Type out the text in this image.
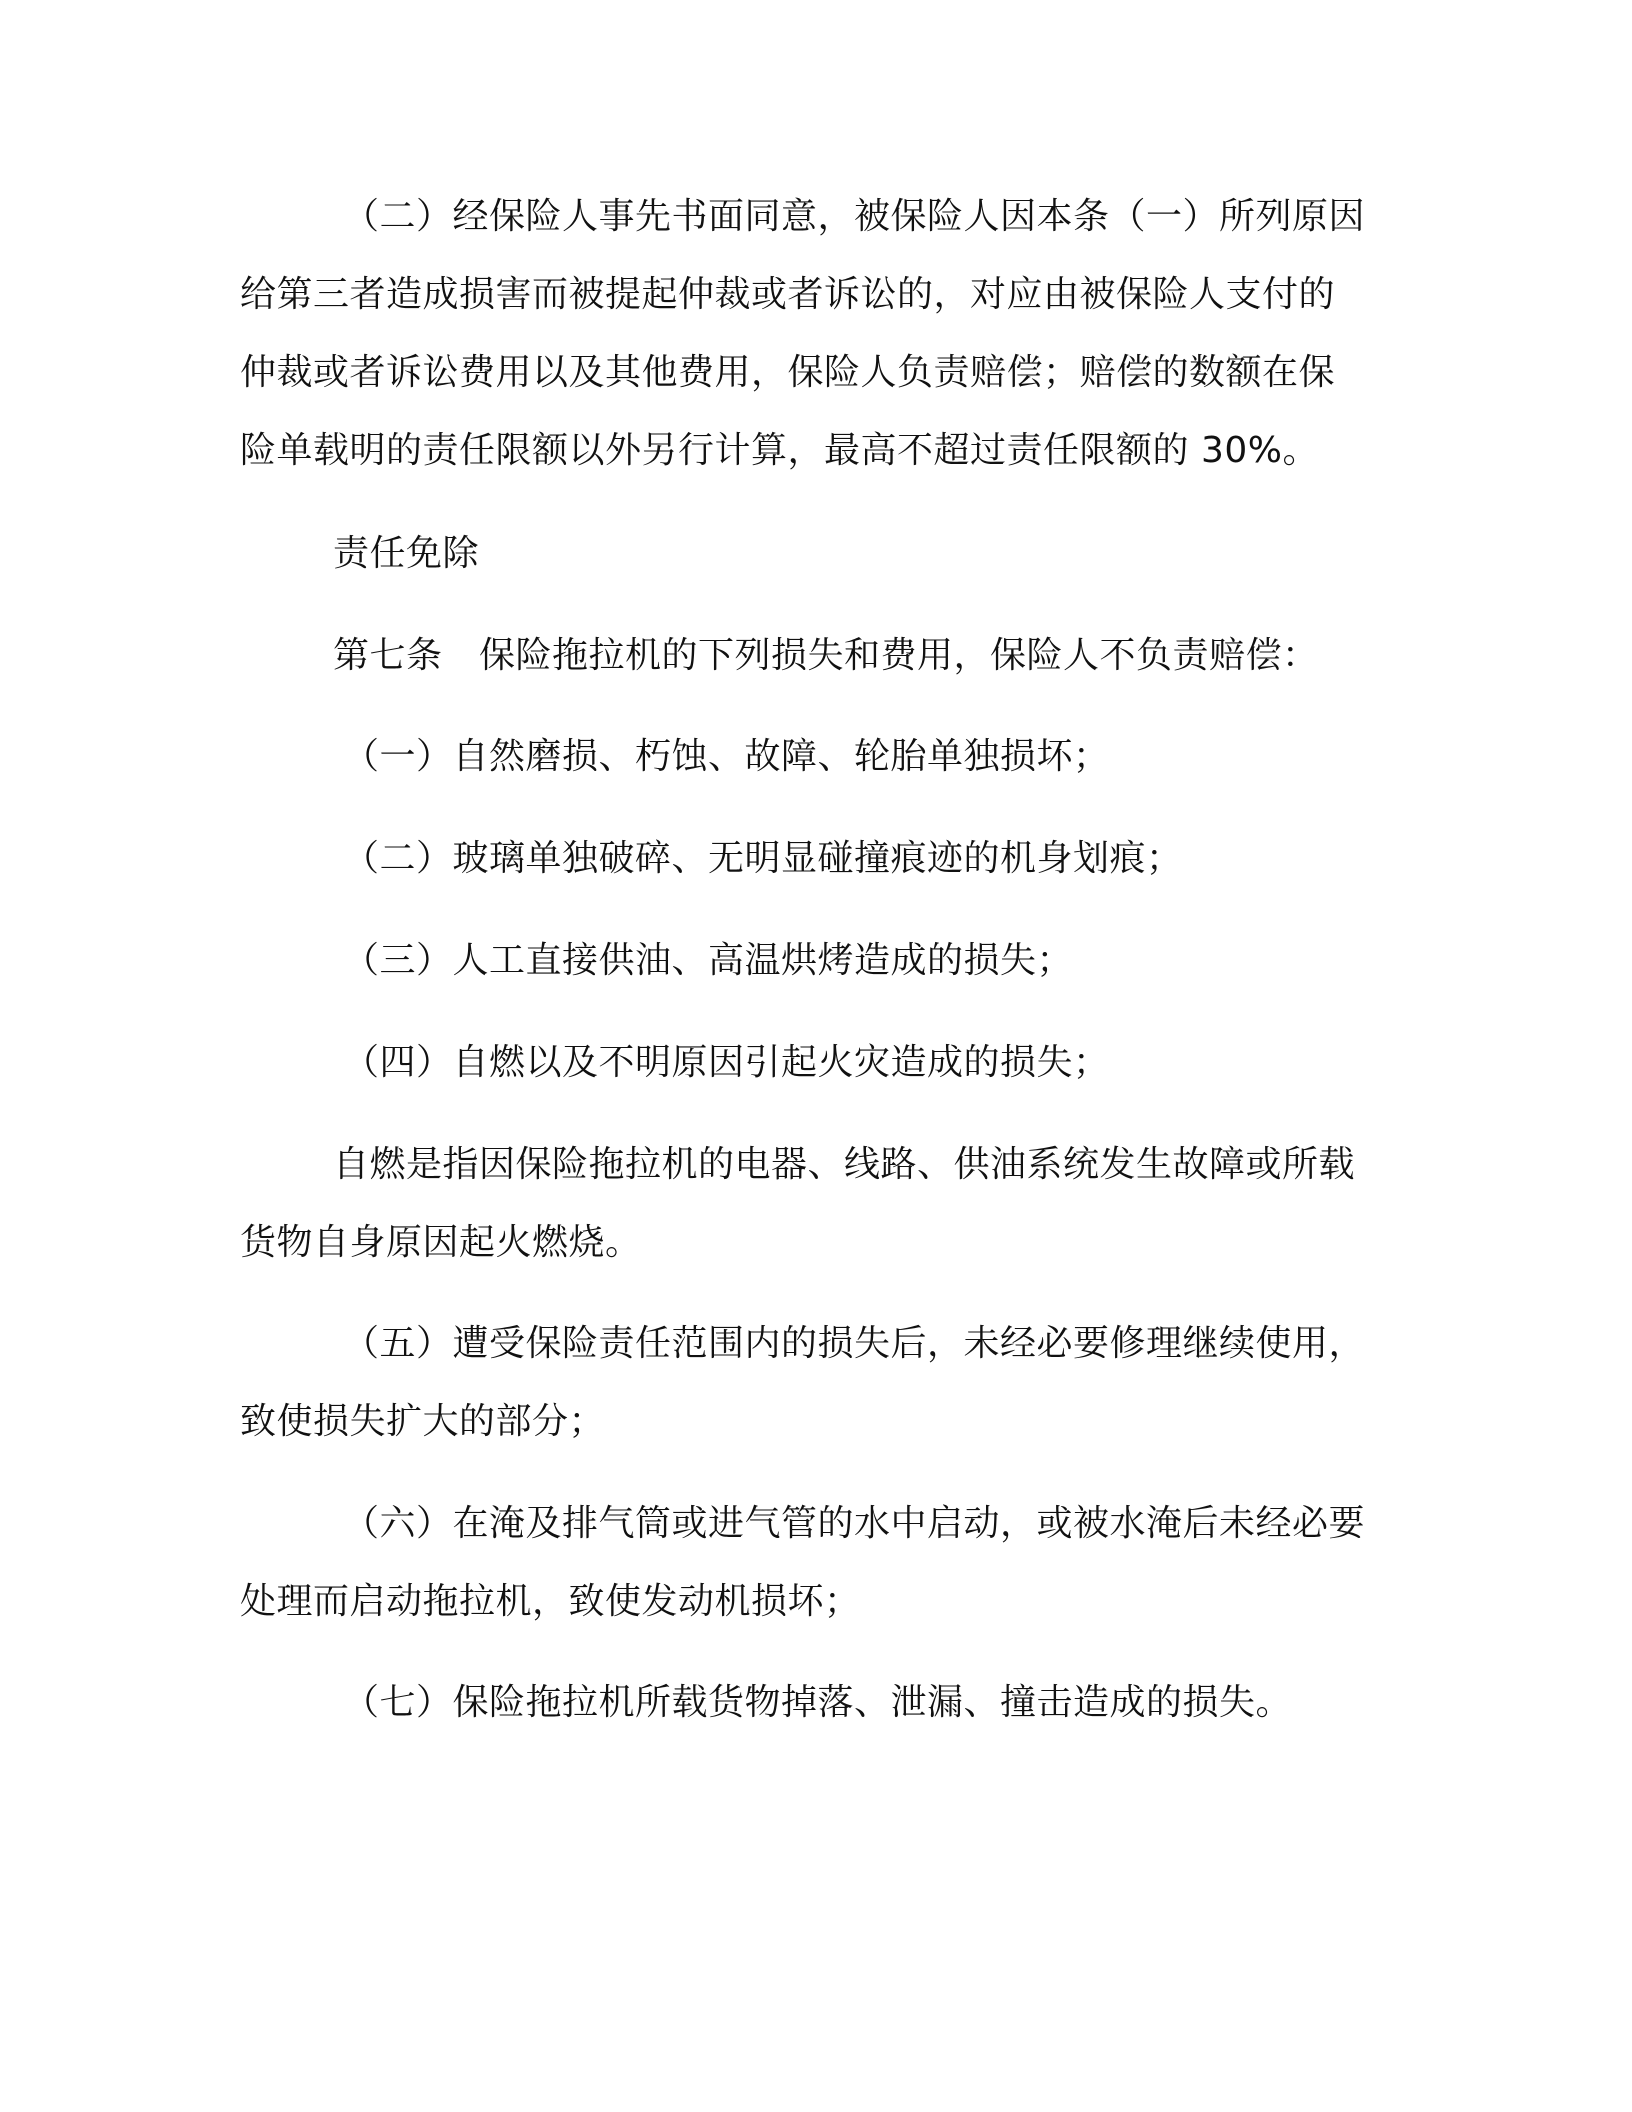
（二）经保险人事先书面同意，被保险人因本条（一）所列原因
给第三者造成损害而被提起仲裁或者诉讼的，对应由被保险人支付的
仲裁或者诉讼费用以及其他费用，保险人负责赔偿；赔偿的数额在保
险单载明的责任限额以外另行计算，最高不超过责任限额的 30%。
责任免除
第七条　保险拖拉机的下列损失和费用，保险人不负责赔偿：
（一）自然磨损、朽蚀、故障、轮胎单独损坏；
（二）玻璃单独破碎、无明显碰撞痕迹的机身划痕；
（三）人工直接供油、高温烘烤造成的损失；
（四）自燃以及不明原因引起火灾造成的损失；
自燃是指因保险拖拉机的电器、线路、供油系统发生故障或所载
货物自身原因起火燃烧。
（五）遭受保险责任范围内的损失后，未经必要修理继续使用，
致使损失扩大的部分；
（六）在淹及排气筒或进气管的水中启动，或被水淹后未经必要
处理而启动拖拉机，致使发动机损坏；
（七）保险拖拉机所载货物掉落、泄漏、撞击造成的损失。
